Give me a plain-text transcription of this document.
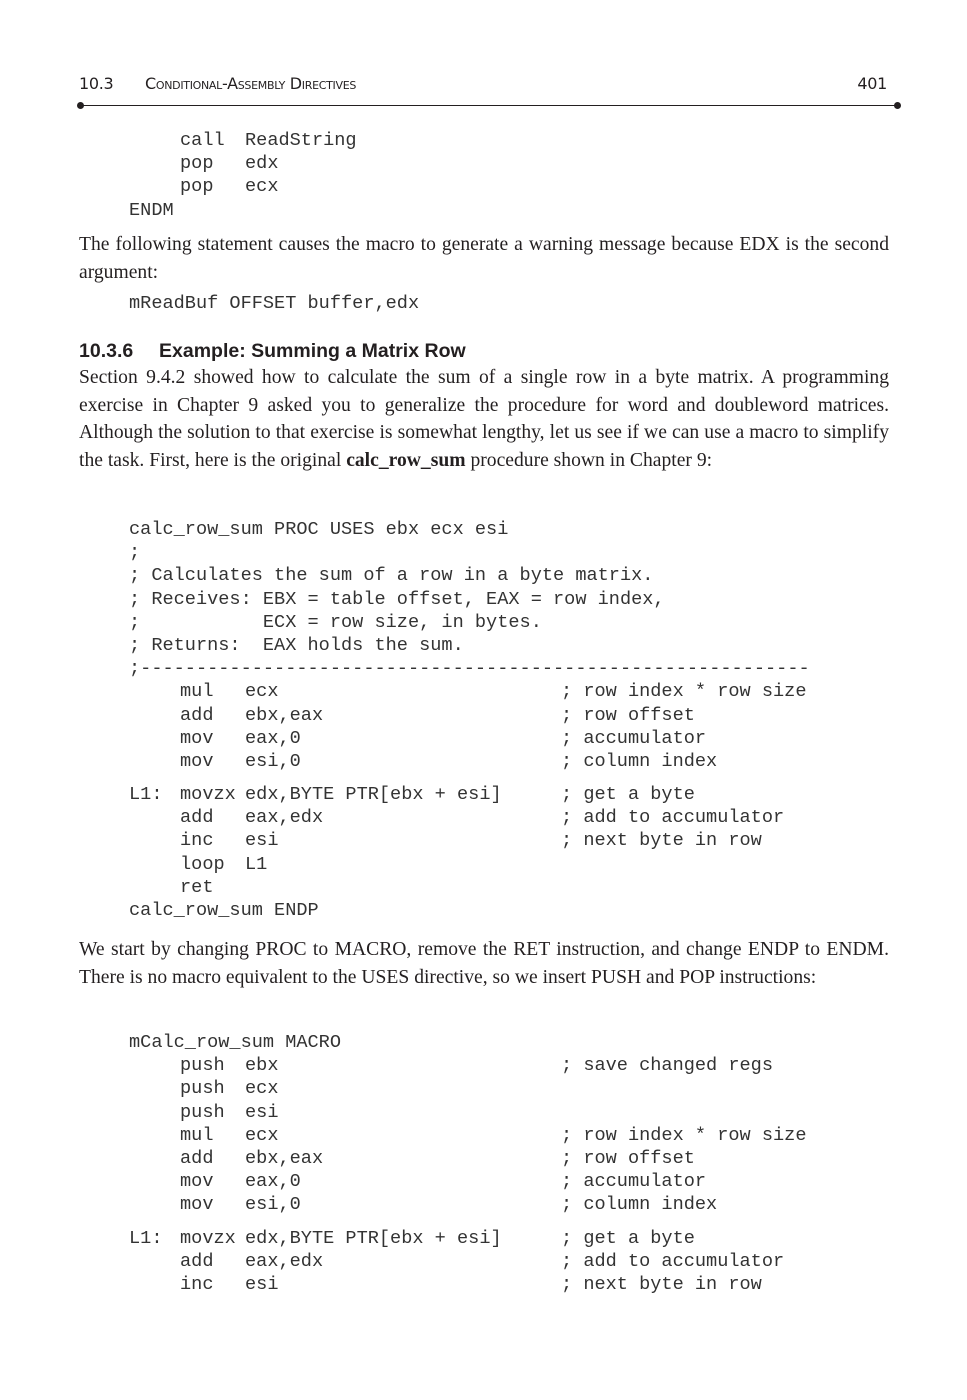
10.3 Conditional-Assembly Directives	401
call ReadString
pop edx
pop ecx
ENDM
The following statement causes the macro to generate a warning message because EDX is the second argument:
mReadBuf OFFSET buffer,edx
10.3.6 Example: Summing a Matrix Row
Section 9.4.2 showed how to calculate the sum of a single row in a byte matrix. A programming exercise in Chapter 9 asked you to generalize the procedure for word and doubleword matrices. Although the solution to that exercise is somewhat lengthy, let us see if we can use a macro to simplify the task. First, here is the original calc_row_sum procedure shown in Chapter 9:
calc_row_sum PROC USES ebx ecx esi
;
; Calculates the sum of a row in a byte matrix.
; Receives: EBX = table offset, EAX = row index,
;           ECX = row size, in bytes.
; Returns:  EAX holds the sum.
;------------------------------------------------------------
mul ecx	; row index * row size
add ebx,eax	; row offset
mov eax,0	; accumulator
mov esi,0	; column index
L1: movzx edx,BYTE PTR[ebx + esi]	; get a byte
add eax,edx	; add to accumulator
inc esi	; next byte in row
loop L1
ret
calc_row_sum ENDP
We start by changing PROC to MACRO, remove the RET instruction, and change ENDP to ENDM. There is no macro equivalent to the USES directive, so we insert PUSH and POP instructions:
mCalc_row_sum MACRO
push ebx	; save changed regs
push ecx
push esi
mul ecx	; row index * row size
add ebx,eax	; row offset
mov eax,0	; accumulator
mov esi,0	; column index
L1: movzx edx,BYTE PTR[ebx + esi]	; get a byte
add eax,edx	; add to accumulator
inc esi	; next byte in row
